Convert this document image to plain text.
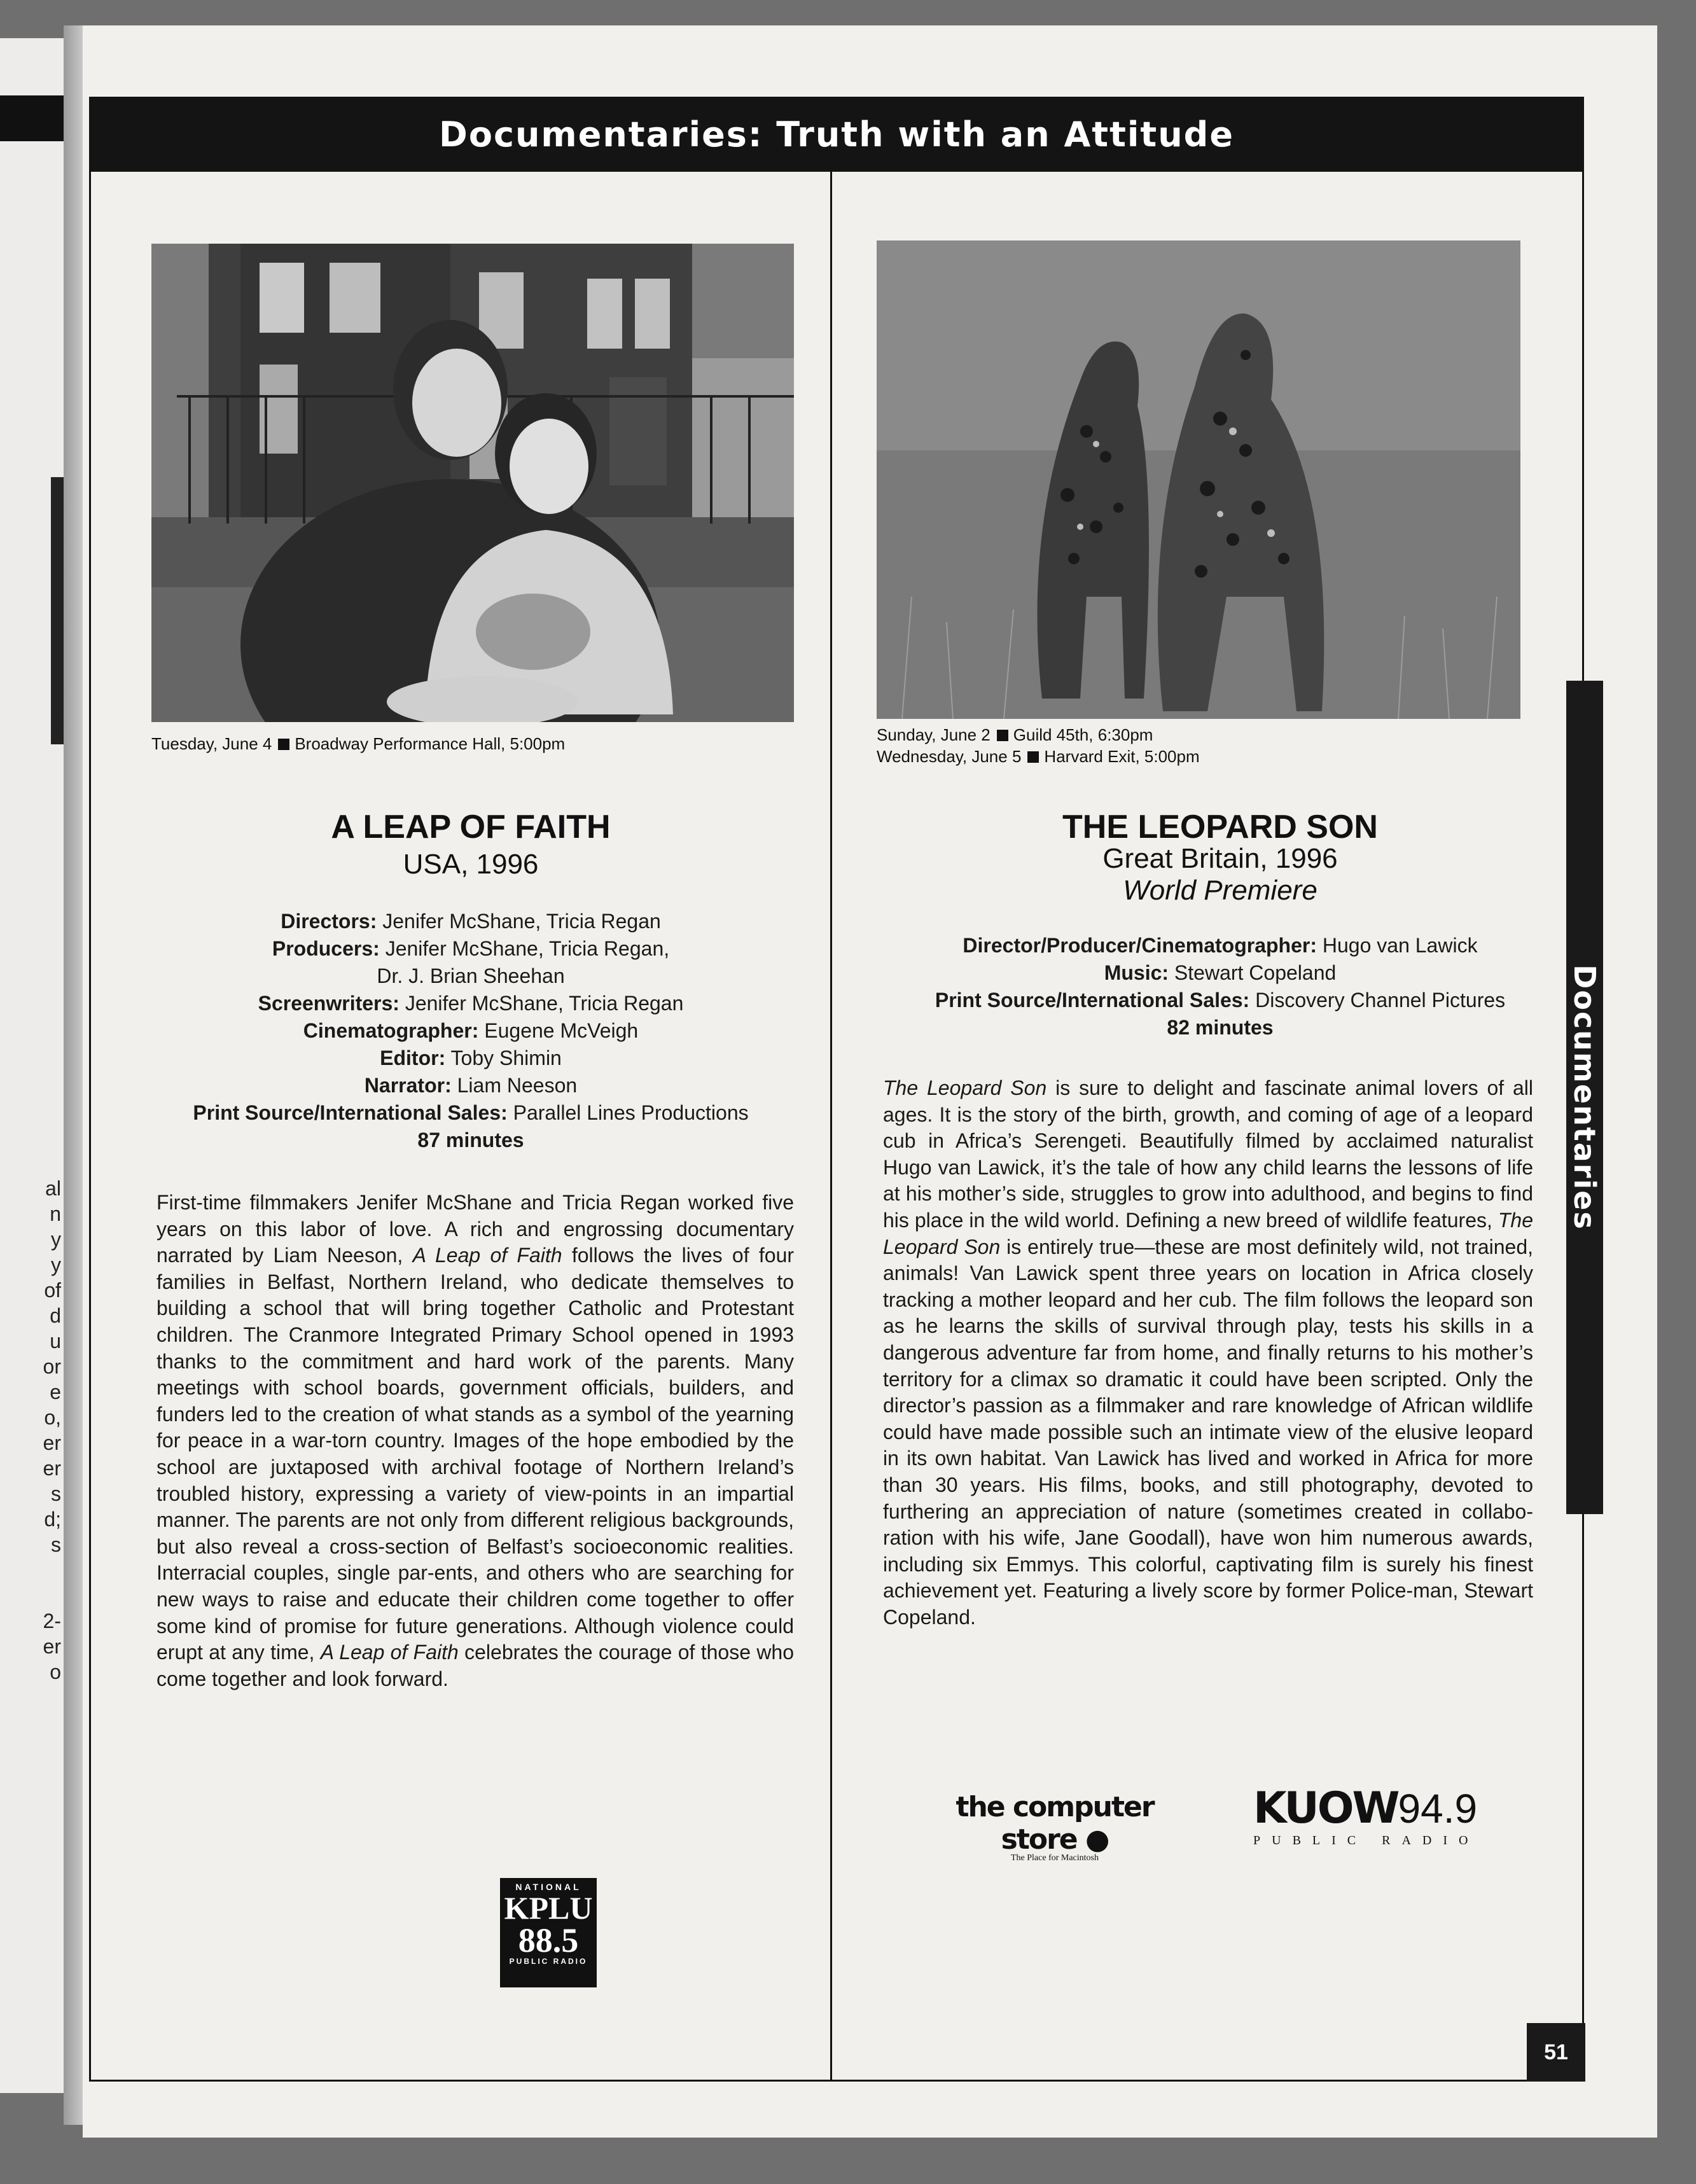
al
n
y
y
of
d
u
or
e
o,
er
er
s
d;
s
2-
er
o
Documentaries: Truth with an Attitude
Tuesday, June 4 Broadway Performance Hall, 5:00pm
A LEAP OF FAITH
USA, 1996
Directors: Jenifer McShane, Tricia Regan
Producers: Jenifer McShane, Tricia Regan,
Dr. J. Brian Sheehan
Screenwriters: Jenifer McShane, Tricia Regan
Cinematographer: Eugene McVeigh
Editor: Toby Shimin
Narrator: Liam Neeson
Print Source/International Sales: Parallel Lines Productions
87 minutes
First-time filmmakers Jenifer McShane and Tricia Regan worked five years on this labor of love. A rich and engrossing documentary narrated by Liam Neeson, A Leap of Faith follows the lives of four families in Belfast, Northern Ireland, who dedicate themselves to building a school that will bring together Catholic and Protestant children. The Cranmore Integrated Primary School opened in 1993 thanks to the commitment and hard work of the parents. Many meetings with school boards, government officials, builders, and funders led to the creation of what stands as a symbol of the yearning for peace in a war-torn country. Images of the hope embodied by the school are juxtaposed with archival footage of Northern Ireland’s troubled history, expressing a variety of view-points in an impartial manner. The parents are not only from different religious backgrounds, but also reveal a cross-section of Belfast’s socioeconomic realities. Interracial couples, single par-ents, and others who are searching for new ways to raise and educate their children come together to offer some kind of promise for future generations. Although violence could erupt at any time, A Leap of Faith celebrates the courage of those who come together and look forward.
NATIONAL
KPLU
88.5
PUBLIC RADIO
Sunday, June 2 Guild 45th, 6:30pm
Wednesday, June 5 Harvard Exit, 5:00pm
THE LEOPARD SON
Great Britain, 1996
World Premiere
Director/Producer/Cinematographer: Hugo van Lawick
Music: Stewart Copeland
Print Source/International Sales: Discovery Channel Pictures
82 minutes
The Leopard Son is sure to delight and fascinate animal lovers of all ages. It is the story of the birth, growth, and coming of age of a leopard cub in Africa’s Serengeti. Beautifully filmed by acclaimed naturalist Hugo van Lawick, it’s the tale of how any child learns the lessons of life at his mother’s side, struggles to grow into adulthood, and begins to find his place in the wild world. Defining a new breed of wildlife features, The Leopard Son is entirely true—these are most definitely wild, not trained, animals! Van Lawick spent three years on location in Africa closely tracking a mother leopard and her cub. The film follows the leopard son as he learns the skills of survival through play, tests his skills in a dangerous adventure far from home, and finally returns to his mother’s territory for a climax so dramatic it could have been scripted. Only the director’s passion as a filmmaker and rare knowledge of African wildlife could have made possible such an intimate view of the elusive leopard in its own habitat. Van Lawick has lived and worked in Africa for more than 30 years. His films, books, and still photography, devoted to furthering an appreciation of nature (sometimes created in collabo-ration with his wife, Jane Goodall), have won him numerous awards, including six Emmys. This colorful, captivating film is surely his finest achievement yet. Featuring a lively score by former Police-man, Stewart Copeland.
Documentaries
the computer store ●
The Place for Macintosh
KUOW94.9
PUBLIC RADIO
51
